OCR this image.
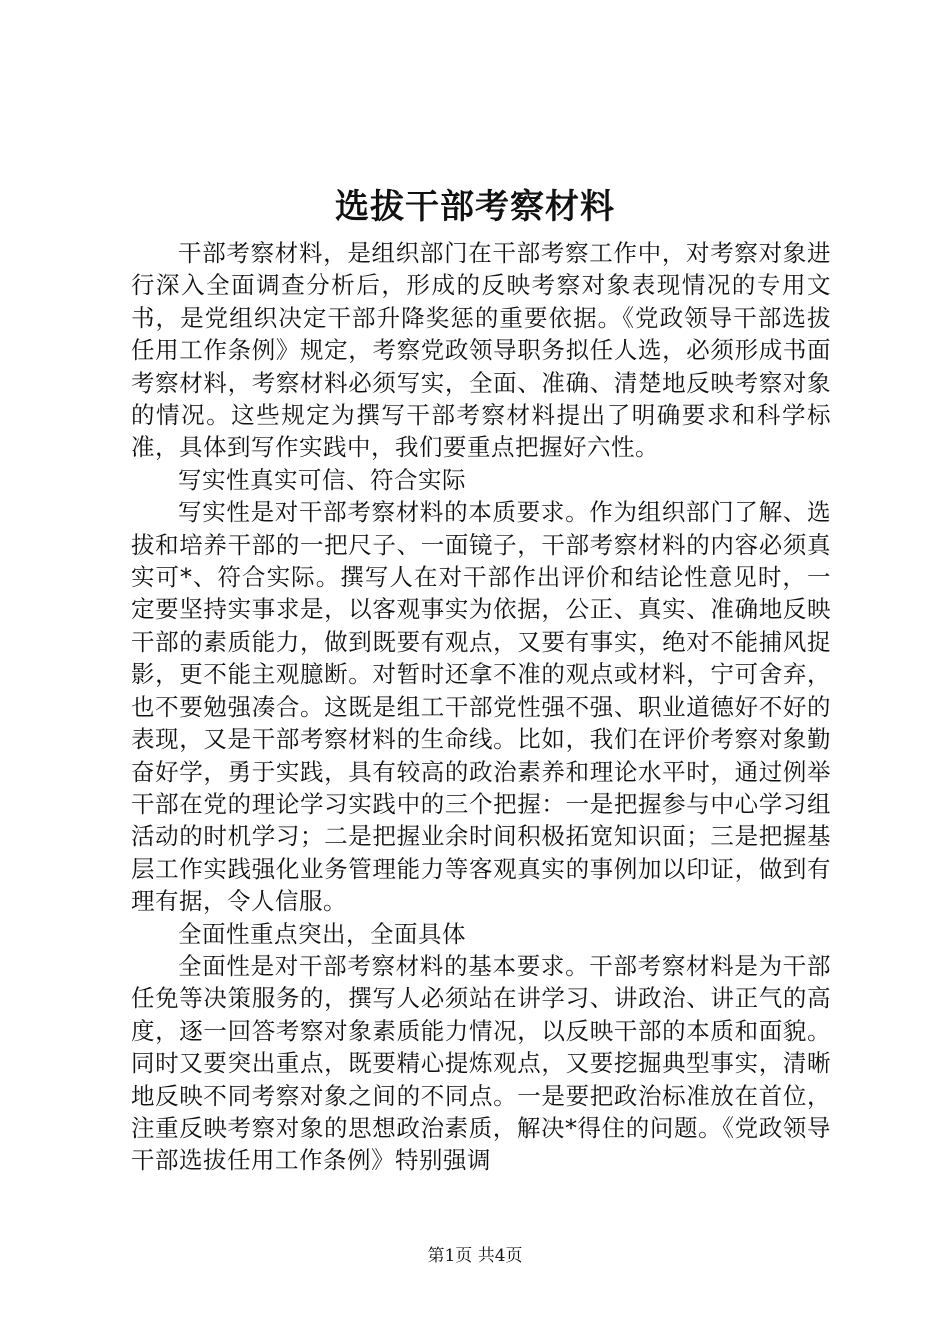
选拔干部考察材料

干部考察材料，是组织部门在干部考察工作中，对考察对象进行深入全面调查分析后，形成的反映考察对象表现情况的专用文书，是党组织决定干部升降奖惩的重要依据。《党政领导干部选拔任用工作条例》规定，考察党政领导职务拟任人选，必须形成书面考察材料，考察材料必须写实，全面、准确、清楚地反映考察对象的情况。这些规定为撰写干部考察材料提出了明确要求和科学标准，具体到写作实践中，我们要重点把握好六性。

写实性真实可信、符合实际

写实性是对干部考察材料的本质要求。作为组织部门了解、选拔和培养干部的一把尺子、一面镜子，干部考察材料的内容必须真实可*、符合实际。撰写人在对干部作出评价和结论性意见时，一定要坚持实事求是，以客观事实为依据，公正、真实、准确地反映干部的素质能力，做到既要有观点，又要有事实，绝对不能捕风捉影，更不能主观臆断。对暂时还拿不准的观点或材料，宁可舍弃，也不要勉强凑合。这既是组工干部党性强不强、职业道德好不好的表现，又是干部考察材料的生命线。比如，我们在评价考察对象勤奋好学，勇于实践，具有较高的政治素养和理论水平时，通过例举干部在党的理论学习实践中的三个把握：一是把握参与中心学习组活动的时机学习；二是把握业余时间积极拓宽知识面；三是把握基层工作实践强化业务管理能力等客观真实的事例加以印证，做到有理有据，令人信服。

全面性重点突出，全面具体

全面性是对干部考察材料的基本要求。干部考察材料是为干部任免等决策服务的，撰写人必须站在讲学习、讲政治、讲正气的高度，逐一回答考察对象素质能力情况，以反映干部的本质和面貌。同时又要突出重点，既要精心提炼观点，又要挖掘典型事实，清晰地反映不同考察对象之间的不同点。一是要把政治标准放在首位，注重反映考察对象的思想政治素质，解决*得住的问题。《党政领导干部选拔任用工作条例》特别强调

第1页 共4页
